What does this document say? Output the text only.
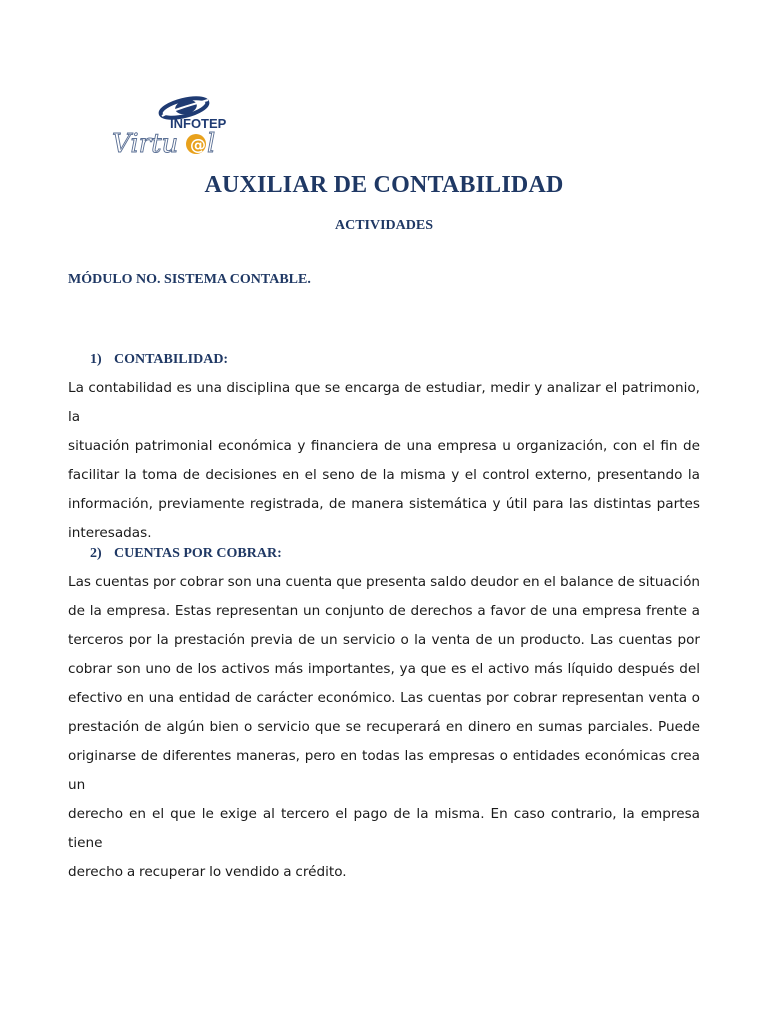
INFOTEP
Virtu @ l
AUXILIAR DE CONTABILIDAD
ACTIVIDADES
MÓDULO NO. SISTEMA CONTABLE.
1) CONTABILIDAD:
La contabilidad es una disciplina que se encarga de estudiar, medir y analizar el patrimonio, la
situación patrimonial económica y financiera de una empresa u organización, con el fin de
facilitar la toma de decisiones en el seno de la misma y el control externo, presentando la
información, previamente registrada, de manera sistemática y útil para las distintas partes
interesadas.
2) CUENTAS POR COBRAR:
Las cuentas por cobrar son una cuenta que presenta saldo deudor en el balance de situación
de la empresa. Estas representan un conjunto de derechos a favor de una empresa frente a
terceros por la prestación previa de un servicio o la venta de un producto. Las cuentas por
cobrar son uno de los activos más importantes, ya que es el activo más líquido después del
efectivo en una entidad de carácter económico. Las cuentas por cobrar representan venta o
prestación de algún bien o servicio que se recuperará en dinero en sumas parciales. Puede
originarse de diferentes maneras, pero en todas las empresas o entidades económicas crea un
derecho en el que le exige al tercero el pago de la misma. En caso contrario, la empresa tiene
derecho a recuperar lo vendido a crédito.
